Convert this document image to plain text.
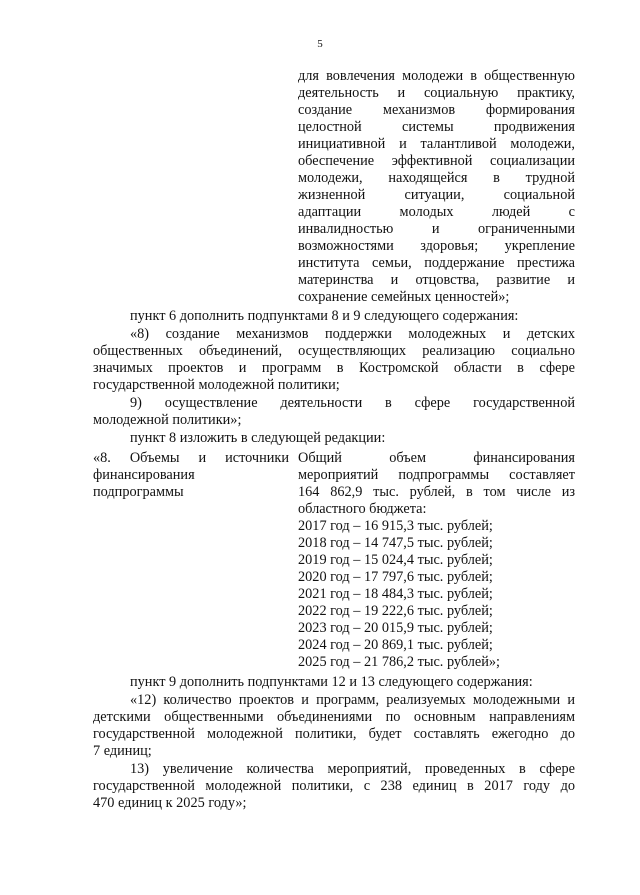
5

для вовлечения молодежи в общественную

деятельность и социальную практику,

создание механизмов формирования

целостной системы продвижения

инициативной и талантливой молодежи,

обеспечение эффективной социализации

молодежи, находящейся в трудной

жизненной ситуации, социальной

адаптации молодых людей с

инвалидностью и ограниченными

возможностями здоровья; укрепление

института семьи, поддержание престижа

материнства и отцовства, развитие и

сохранение семейных ценностей»;

пункт 6 дополнить подпунктами 8 и 9 следующего содержания:

«8) создание механизмов поддержки молодежных и детских

общественных объединений, осуществляющих реализацию социально

значимых проектов и программ в Костромской области в сфере

государственной молодежной политики;

9) осуществление деятельности в сфере государственной

молодежной политики»;

пункт 8 изложить в следующей редакции:

«8. Объемы и источники

финансирования

подпрограммы

Общий объем финансирования

мероприятий подпрограммы составляет

164 862,9 тыс. рублей, в том числе из

областного бюджета:

2017 год – 16 915,3 тыс. рублей;

2018 год – 14 747,5 тыс. рублей;

2019 год – 15 024,4 тыс. рублей;

2020 год – 17 797,6 тыс. рублей;

2021 год – 18 484,3 тыс. рублей;

2022 год – 19 222,6 тыс. рублей;

2023 год – 20 015,9 тыс. рублей;

2024 год – 20 869,1 тыс. рублей;

2025 год – 21 786,2 тыс. рублей»;

пункт 9 дополнить подпунктами 12 и 13 следующего содержания:

«12) количество проектов и программ, реализуемых молодежными и

детскими общественными объединениями по основным направлениям

государственной молодежной политики, будет составлять ежегодно до

7 единиц;

13) увеличение количества мероприятий, проведенных в сфере

государственной молодежной политики, с 238 единиц в 2017 году до

470 единиц к 2025 году»;
